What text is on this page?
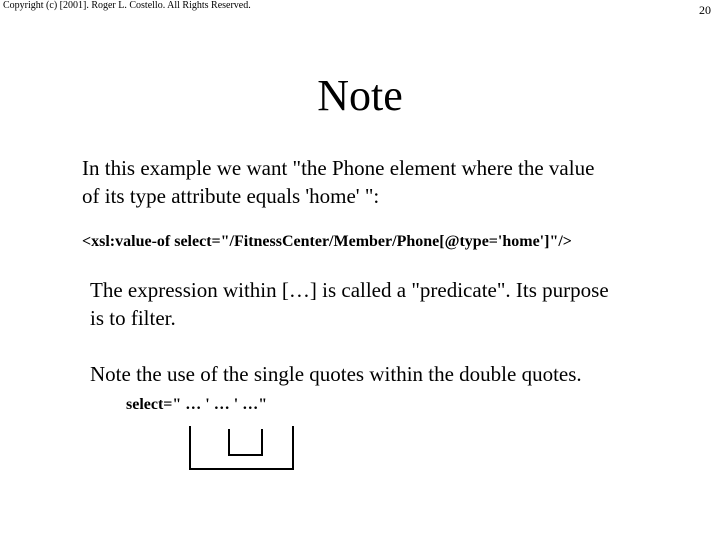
Copyright (c) [2001]. Roger L. Costello. All Rights Reserved.	20
Note
In this example we want "the Phone element where the value
of its type attribute equals 'home' ":
<xsl:value-of select="/FitnessCenter/Member/Phone[@type='home']"/>
The expression within […] is called a "predicate". Its purpose
is to filter.
Note the use of the single quotes within the double quotes.
select=" … ' … ' …"
